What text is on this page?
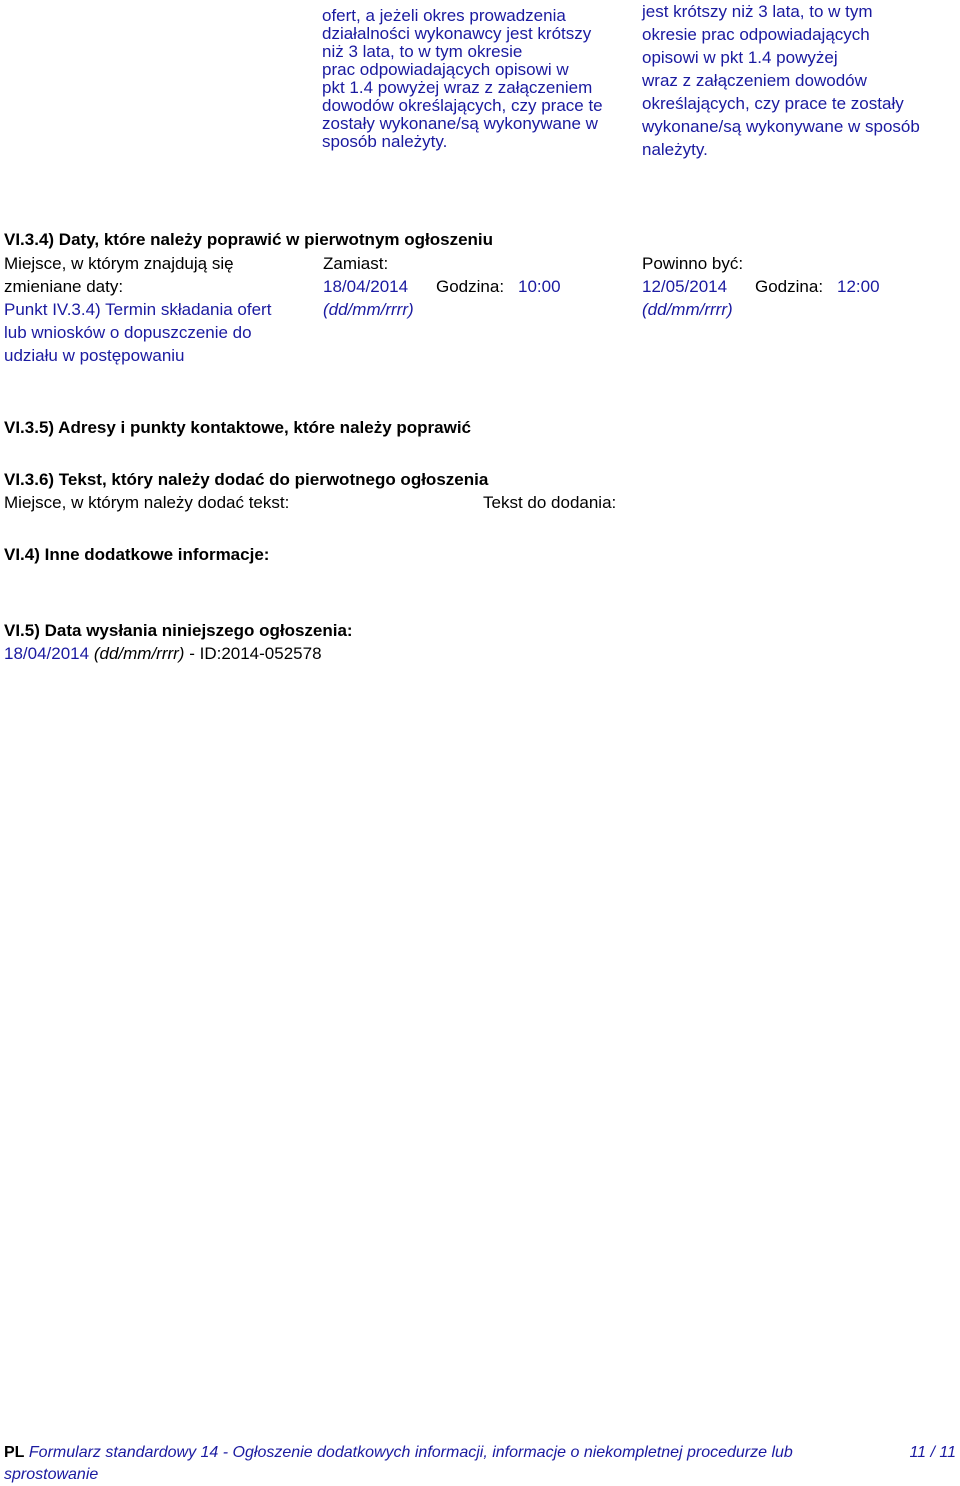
ofert, a jeżeli okres prowadzenia
działalności wykonawcy jest krótszy
niż 3 lata, to w tym okresie
prac odpowiadających opisowi w
pkt 1.4 powyżej wraz z załączeniem
dowodów określających, czy prace te
zostały wykonane/są wykonywane w
sposób należyty.
jest krótszy niż 3 lata, to w tym
okresie prac odpowiadających
opisowi w pkt 1.4 powyżej
wraz z załączeniem dowodów
określających, czy prace te zostały
wykonane/są wykonywane w sposób
należyty.
VI.3.4) Daty, które należy poprawić w pierwotnym ogłoszeniu
Miejsce, w którym znajdują się
zmieniane daty:
Punkt IV.3.4) Termin składania ofert
lub wniosków o dopuszczenie do
udziału w postępowaniu
Zamiast:
18/04/2014 Godzina: 10:00
(dd/mm/rrrr)
Powinno być:
12/05/2014 Godzina: 12:00
(dd/mm/rrrr)
VI.3.5) Adresy i punkty kontaktowe, które należy poprawić
VI.3.6) Tekst, który należy dodać do pierwotnego ogłoszenia
Miejsce, w którym należy dodać tekst:	Tekst do dodania:
VI.4) Inne dodatkowe informacje:
VI.5) Data wysłania niniejszego ogłoszenia:
18/04/2014 (dd/mm/rrrr) - ID:2014-052578
PL Formularz standardowy 14 - Ogłoszenie dodatkowych informacji, informacje o niekompletnej procedurze lub
sprostowanie
11 / 11
